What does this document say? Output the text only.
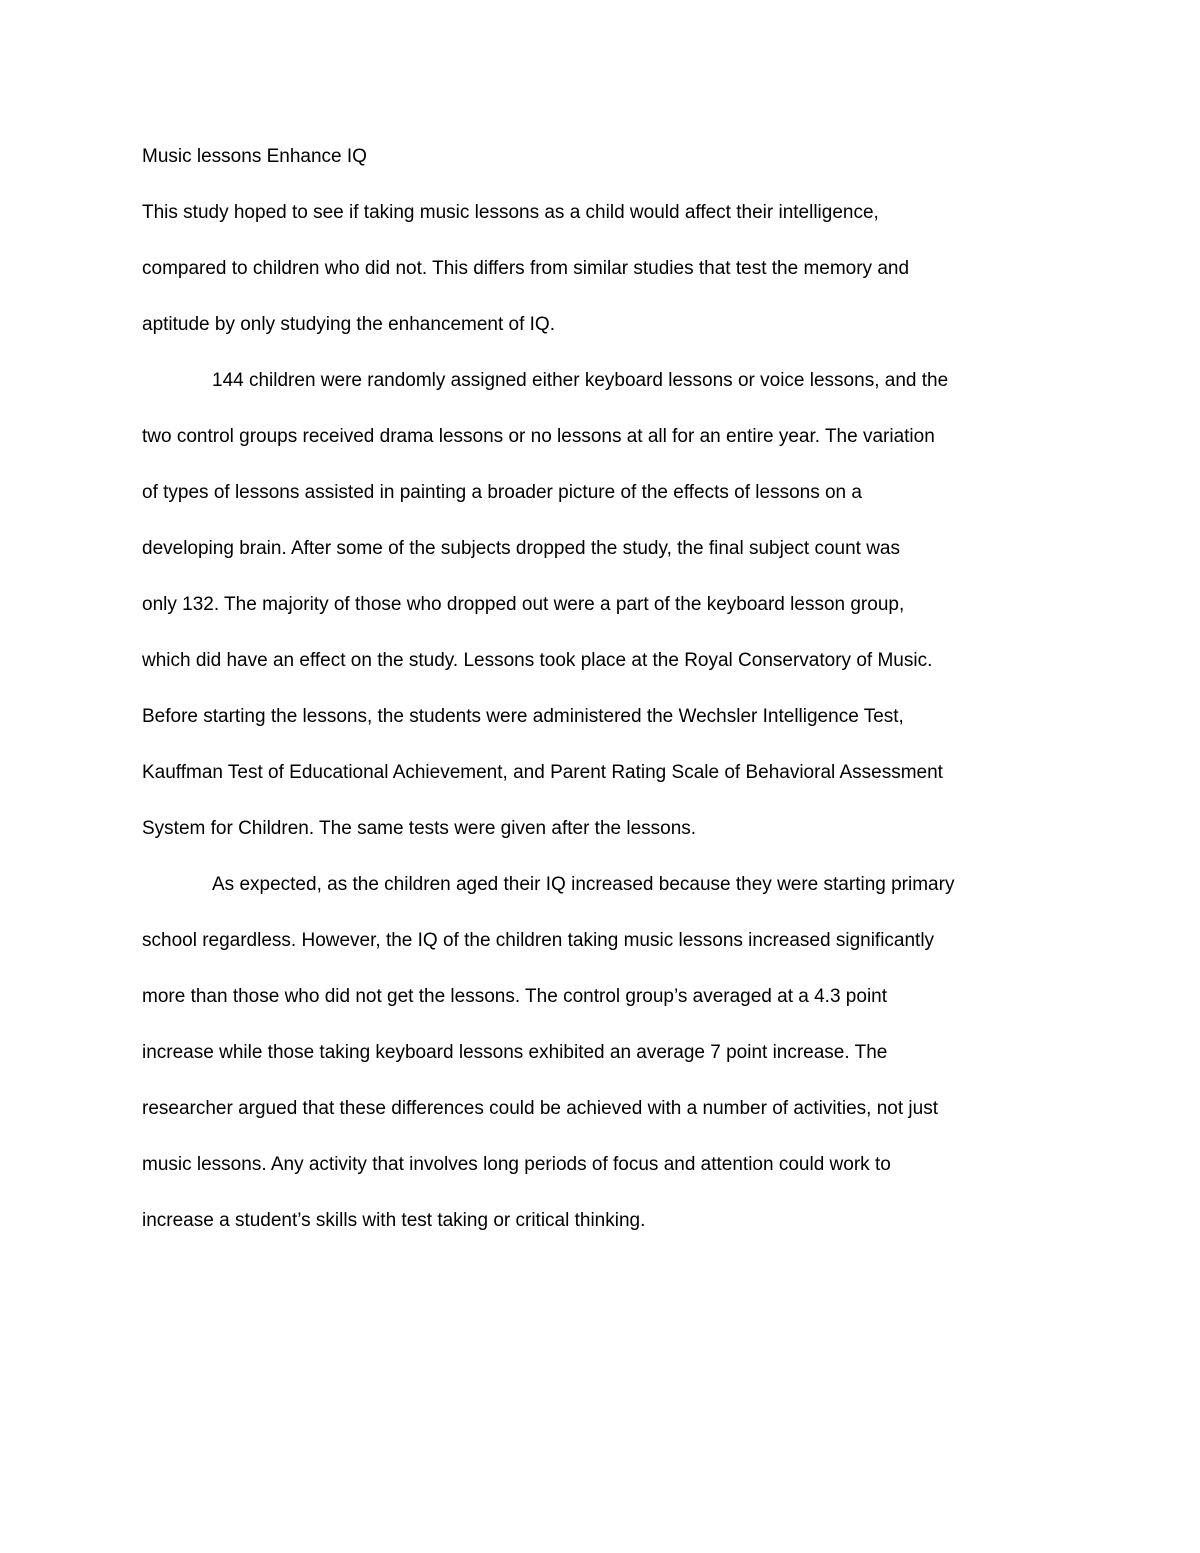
Music lessons Enhance IQ

This study hoped to see if taking music lessons as a child would affect their intelligence,

compared to children who did not. This differs from similar studies that test the memory and

aptitude by only studying the enhancement of IQ.

144 children were randomly assigned either keyboard lessons or voice lessons, and the

two control groups received drama lessons or no lessons at all for an entire year. The variation

of types of lessons assisted in painting a broader picture of the effects of lessons on a

developing brain. After some of the subjects dropped the study, the final subject count was

only 132. The majority of those who dropped out were a part of the keyboard lesson group,

which did have an effect on the study. Lessons took place at the Royal Conservatory of Music.

Before starting the lessons, the students were administered the Wechsler Intelligence Test,

Kauffman Test of Educational Achievement, and Parent Rating Scale of Behavioral Assessment

System for Children. The same tests were given after the lessons.

As expected, as the children aged their IQ increased because they were starting primary

school regardless. However, the IQ of the children taking music lessons increased significantly

more than those who did not get the lessons. The control group’s averaged at a 4.3 point

increase while those taking keyboard lessons exhibited an average 7 point increase. The

researcher argued that these differences could be achieved with a number of activities, not just

music lessons. Any activity that involves long periods of focus and attention could work to

increase a student’s skills with test taking or critical thinking.
